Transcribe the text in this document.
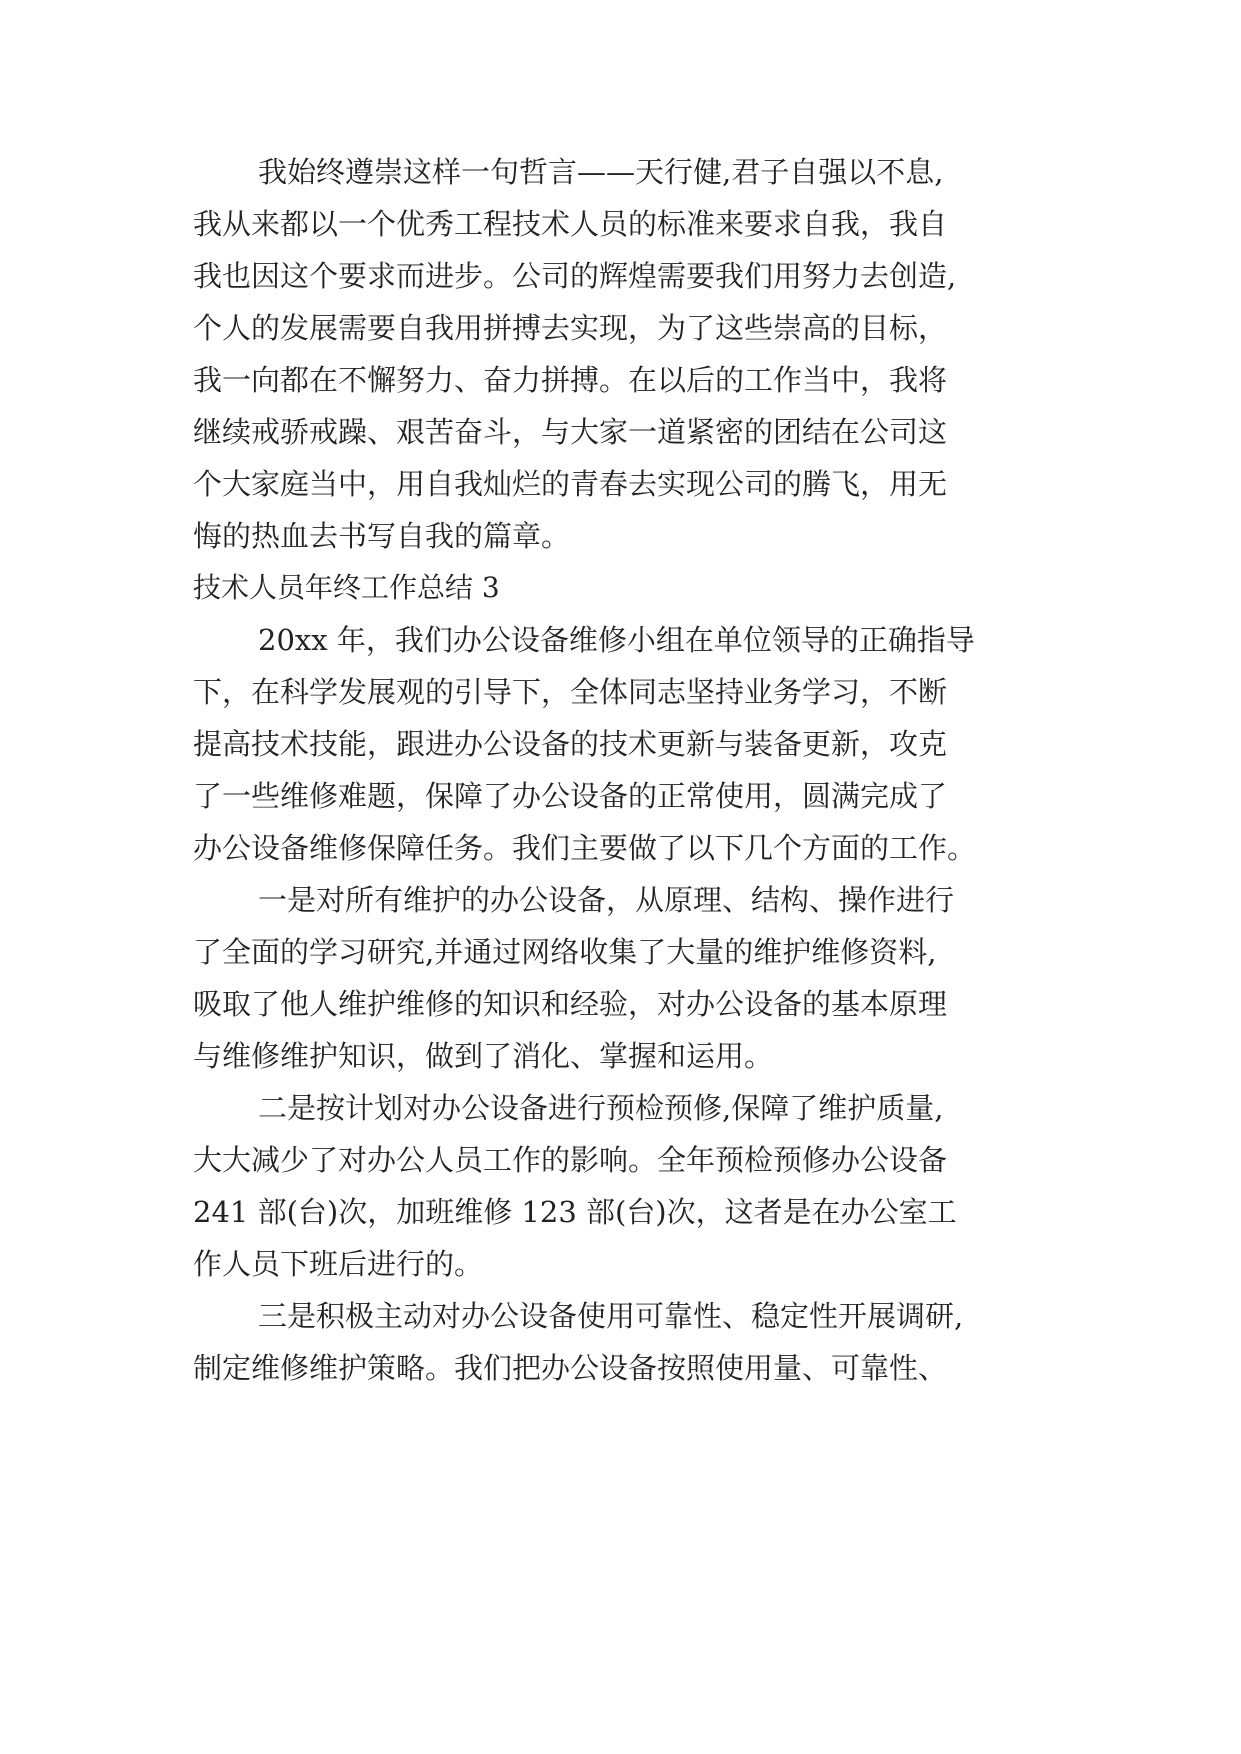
我始终遵崇这样一句哲言——天行健,君子自强以不息,
我从来都以一个优秀工程技术人员的标准来要求自我，我自
我也因这个要求而进步。公司的辉煌需要我们用努力去创造,
个人的发展需要自我用拼搏去实现，为了这些崇高的目标，
我一向都在不懈努力、奋力拼搏。在以后的工作当中，我将
继续戒骄戒躁、艰苦奋斗，与大家一道紧密的团结在公司这
个大家庭当中，用自我灿烂的青春去实现公司的腾飞，用无
悔的热血去书写自我的篇章。
技术人员年终工作总结 3
20xx 年，我们办公设备维修小组在单位领导的正确指导
下，在科学发展观的引导下，全体同志坚持业务学习，不断
提高技术技能，跟进办公设备的技术更新与装备更新，攻克
了一些维修难题，保障了办公设备的正常使用，圆满完成了
办公设备维修保障任务。我们主要做了以下几个方面的工作。
一是对所有维护的办公设备，从原理、结构、操作进行
了全面的学习研究,并通过网络收集了大量的维护维修资料,
吸取了他人维护维修的知识和经验，对办公设备的基本原理
与维修维护知识，做到了消化、掌握和运用。
二是按计划对办公设备进行预检预修,保障了维护质量,
大大减少了对办公人员工作的影响。全年预检预修办公设备
241 部(台)次，加班维修 123 部(台)次，这者是在办公室工
作人员下班后进行的。
三是积极主动对办公设备使用可靠性、稳定性开展调研,
制定维修维护策略。我们把办公设备按照使用量、可靠性、
